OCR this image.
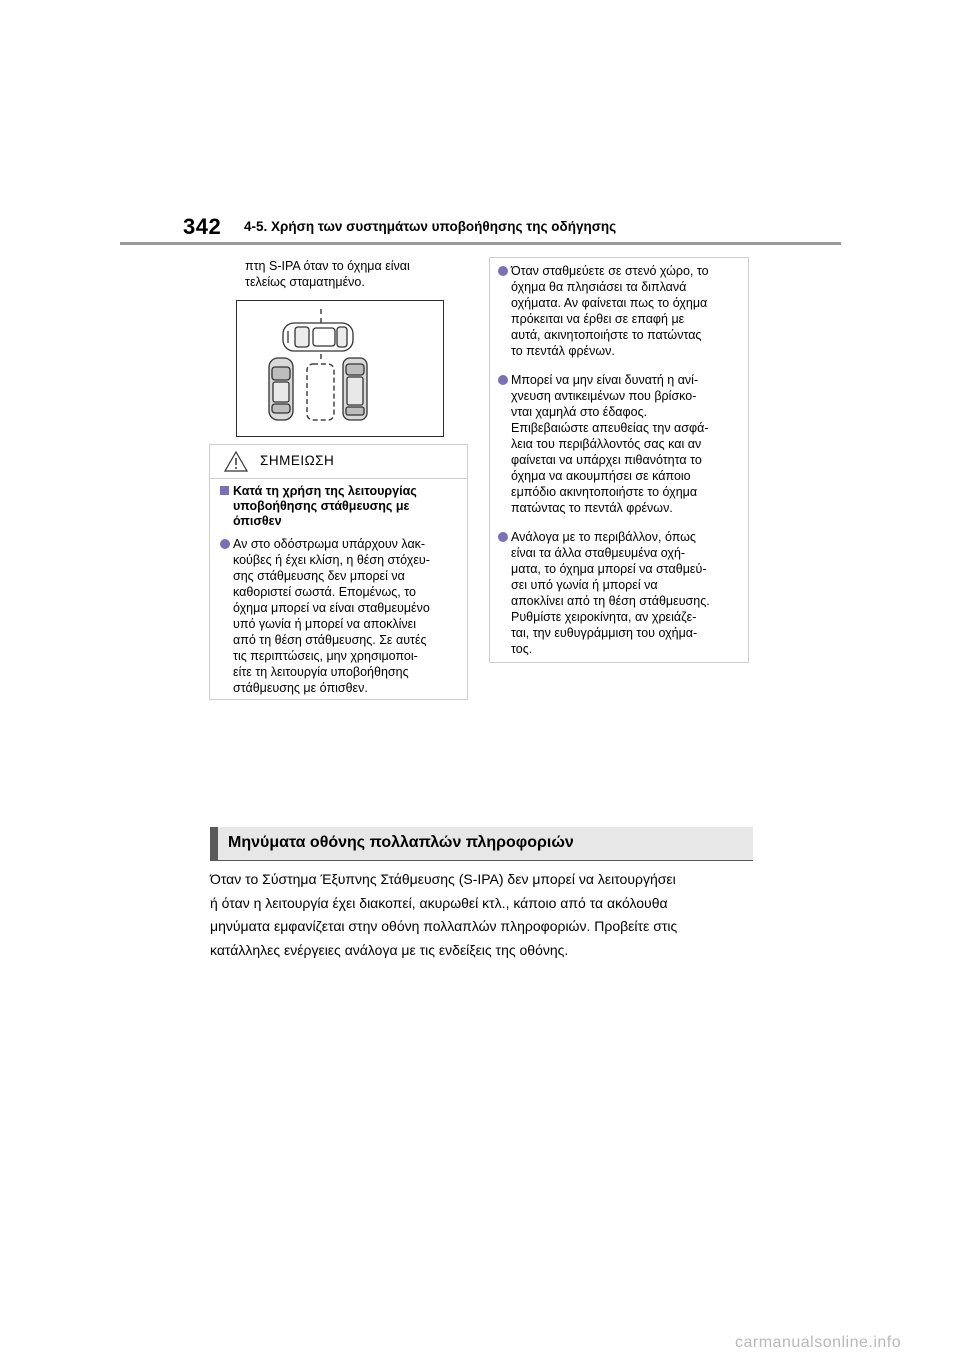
342 4-5. Χρήση των συστημάτων υποβοήθησης της οδήγησης
πτη S-IPA όταν το όχημα είναι
τελείως σταματημένο.
ΣΗΜΕΙΩΣΗ
Κατά τη χρήση της λειτουργίας
υποβοήθησης στάθμευσης με
όπισθεν
Αν στο οδόστρωμα υπάρχουν λακ-
κούβες ή έχει κλίση, η θέση στόχευ-
σης στάθμευσης δεν μπορεί να
καθοριστεί σωστά. Επομένως, το
όχημα μπορεί να είναι σταθμευμένο
υπό γωνία ή μπορεί να αποκλίνει
από τη θέση στάθμευσης. Σε αυτές
τις περιπτώσεις, μην χρησιμοποι-
είτε τη λειτουργία υποβοήθησης
στάθμευσης με όπισθεν.
Όταν σταθμεύετε σε στενό χώρο, το
όχημα θα πλησιάσει τα διπλανά
οχήματα. Αν φαίνεται πως το όχημα
πρόκειται να έρθει σε επαφή με
αυτά, ακινητοποιήστε το πατώντας
το πεντάλ φρένων.
Μπορεί να μην είναι δυνατή η ανί-
χνευση αντικειμένων που βρίσκο-
νται χαμηλά στο έδαφος.
Επιβεβαιώστε απευθείας την ασφά-
λεια του περιβάλλοντός σας και αν
φαίνεται να υπάρχει πιθανότητα το
όχημα να ακουμπήσει σε κάποιο
εμπόδιο ακινητοποιήστε το όχημα
πατώντας το πεντάλ φρένων.
Ανάλογα με το περιβάλλον, όπως
είναι τα άλλα σταθμευμένα οχή-
ματα, το όχημα μπορεί να σταθμεύ-
σει υπό γωνία ή μπορεί να
αποκλίνει από τη θέση στάθμευσης.
Ρυθμίστε χειροκίνητα, αν χρειάζε-
ται, την ευθυγράμμιση του οχήμα-
τος.
Μηνύματα οθόνης πολλαπλών πληροφοριών
Όταν το Σύστημα Έξυπνης Στάθμευσης (S-IPA) δεν μπορεί να λειτουργήσει
ή όταν η λειτουργία έχει διακοπεί, ακυρωθεί κτλ., κάποιο από τα ακόλουθα
μηνύματα εμφανίζεται στην οθόνη πολλαπλών πληροφοριών. Προβείτε στις
κατάλληλες ενέργειες ανάλογα με τις ενδείξεις της οθόνης.
carmanualsonline.info
